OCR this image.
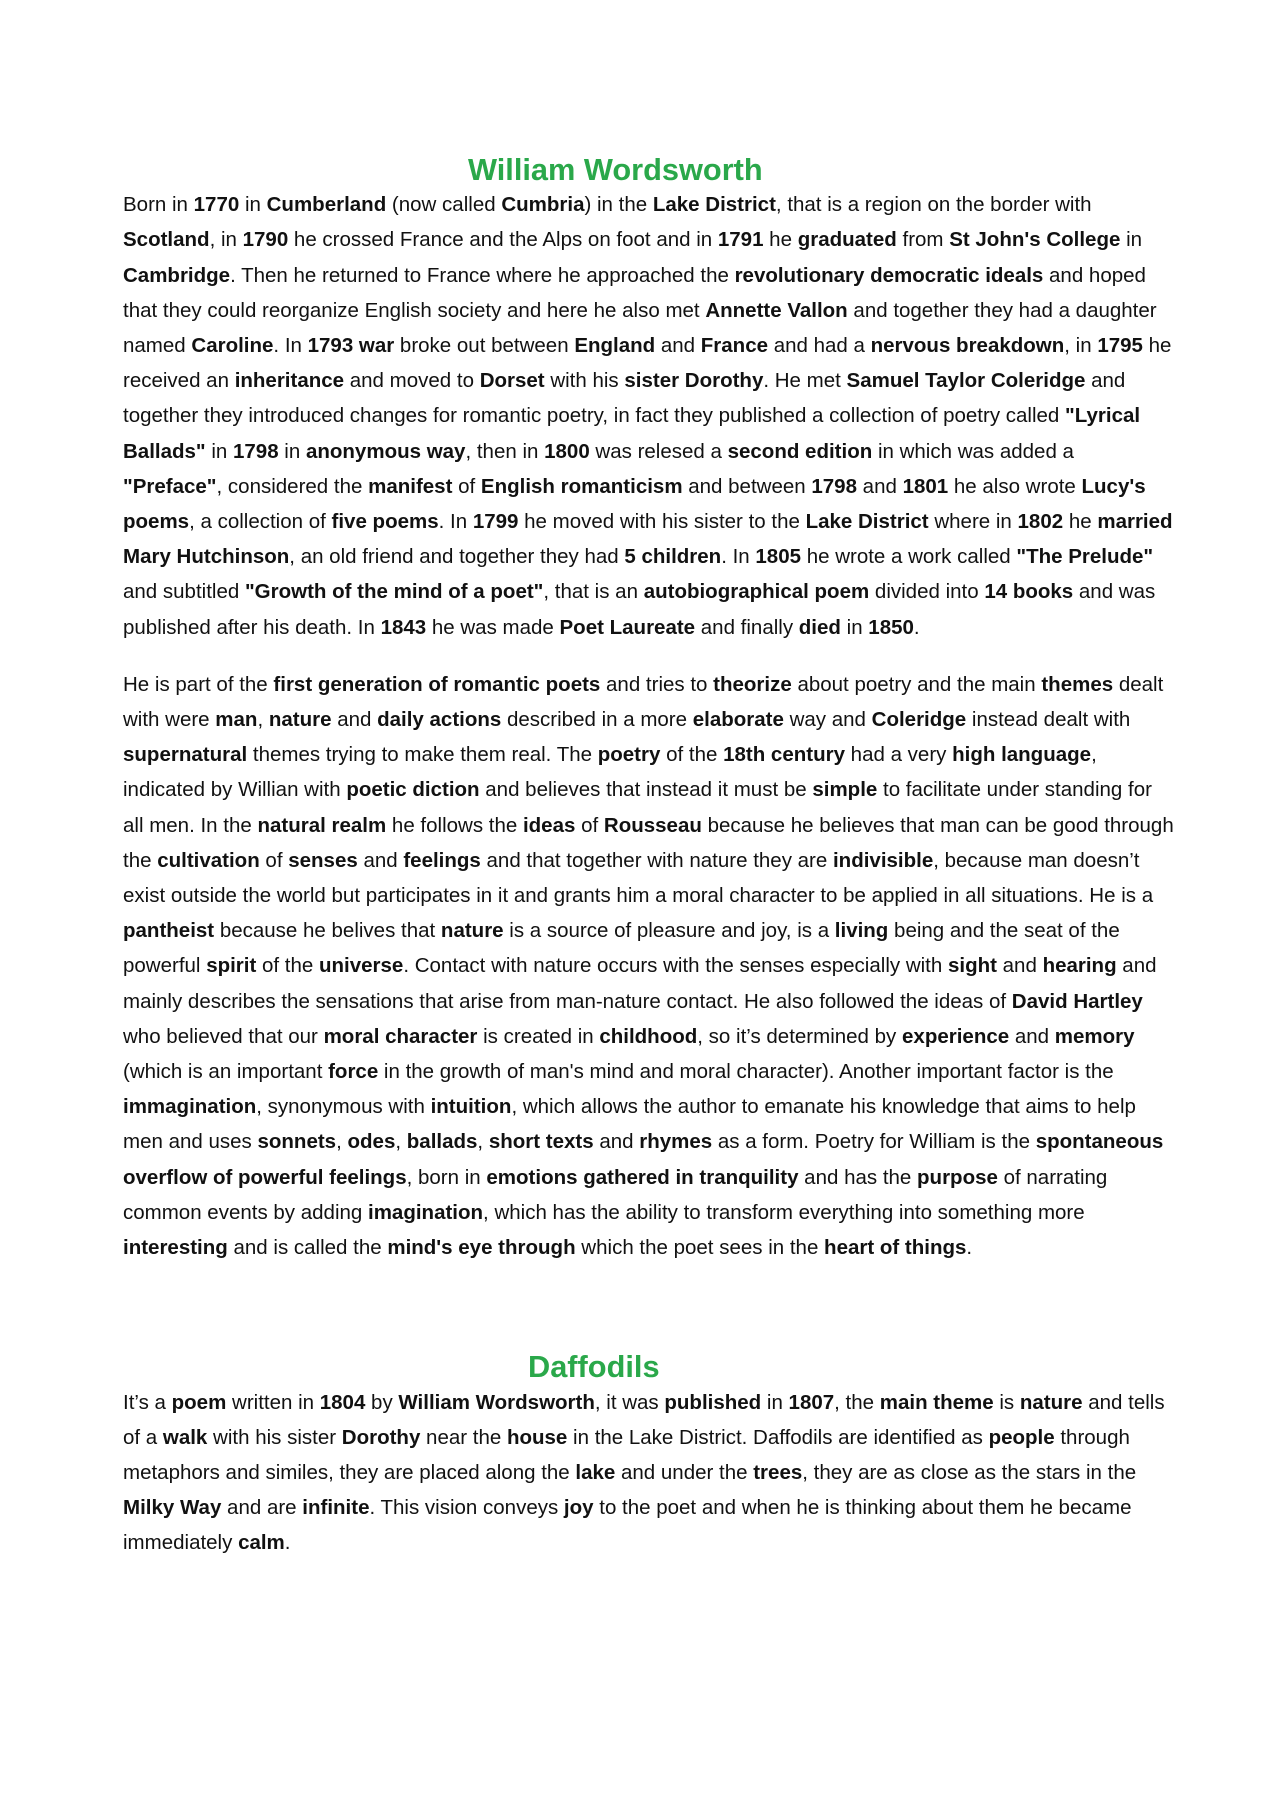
William Wordsworth

Born in 1770 in Cumberland (now called Cumbria) in the Lake District, that is a region on the border with Scotland, in 1790 he crossed France and the Alps on foot and in 1791 he graduated from St John's College in Cambridge. Then he returned to France where he approached the revolutionary democratic ideals and hoped that they could reorganize English society and here he also met Annette Vallon and together they had a daughter named Caroline. In 1793 war broke out between England and France and had a nervous breakdown, in 1795 he received an inheritance and moved to Dorset with his sister Dorothy. He met Samuel Taylor Coleridge and together they introduced changes for romantic poetry, in fact they published a collection of poetry called "Lyrical Ballads" in 1798 in anonymous way, then in 1800 was relesed a second edition in which was added a "Preface", considered the manifest of English romanticism and between 1798 and 1801 he also wrote Lucy's poems, a collection of five poems. In 1799 he moved with his sister to the Lake District where in 1802 he married Mary Hutchinson, an old friend and together they had 5 children. In 1805 he wrote a work called "The Prelude" and subtitled "Growth of the mind of a poet", that is an autobiographical poem divided into 14 books and was published after his death. In 1843 he was made Poet Laureate and finally died in 1850.

He is part of the first generation of romantic poets and tries to theorize about poetry and the main themes dealt with were man, nature and daily actions described in a more elaborate way and Coleridge instead dealt with supernatural themes trying to make them real. The poetry of the 18th century had a very high language, indicated by Willian with poetic diction and believes that instead it must be simple to facilitate under standing for all men. In the natural realm he follows the ideas of Rousseau because he believes that man can be good through the cultivation of senses and feelings and that together with nature they are indivisible, because man doesn’t exist outside the world but participates in it and grants him a moral character to be applied in all situations. He is a pantheist because he belives that nature is a source of pleasure and joy, is a living being and the seat of the powerful spirit of the universe. Contact with nature occurs with the senses especially with sight and hearing and mainly describes the sensations that arise from man-nature contact. He also followed the ideas of David Hartley who believed that our moral character is created in childhood, so it’s determined by experience and memory (which is an important force in the growth of man's mind and moral character). Another important factor is the immagination, synonymous with intuition, which allows the author to emanate his knowledge that aims to help men and uses sonnets, odes, ballads, short texts and rhymes as a form. Poetry for William is the spontaneous overflow of powerful feelings, born in emotions gathered in tranquility and has the purpose of narrating common events by adding imagination, which has the ability to transform everything into something more interesting and is called the mind's eye through which the poet sees in the heart of things.

Daffodils

It’s a poem written in 1804 by William Wordsworth, it was published in 1807, the main theme is nature and tells of a walk with his sister Dorothy near the house in the Lake District. Daffodils are identified as people through metaphors and similes, they are placed along the lake and under the trees, they are as close as the stars in the Milky Way and are infinite. This vision conveys joy to the poet and when he is thinking about them he became immediately calm.
